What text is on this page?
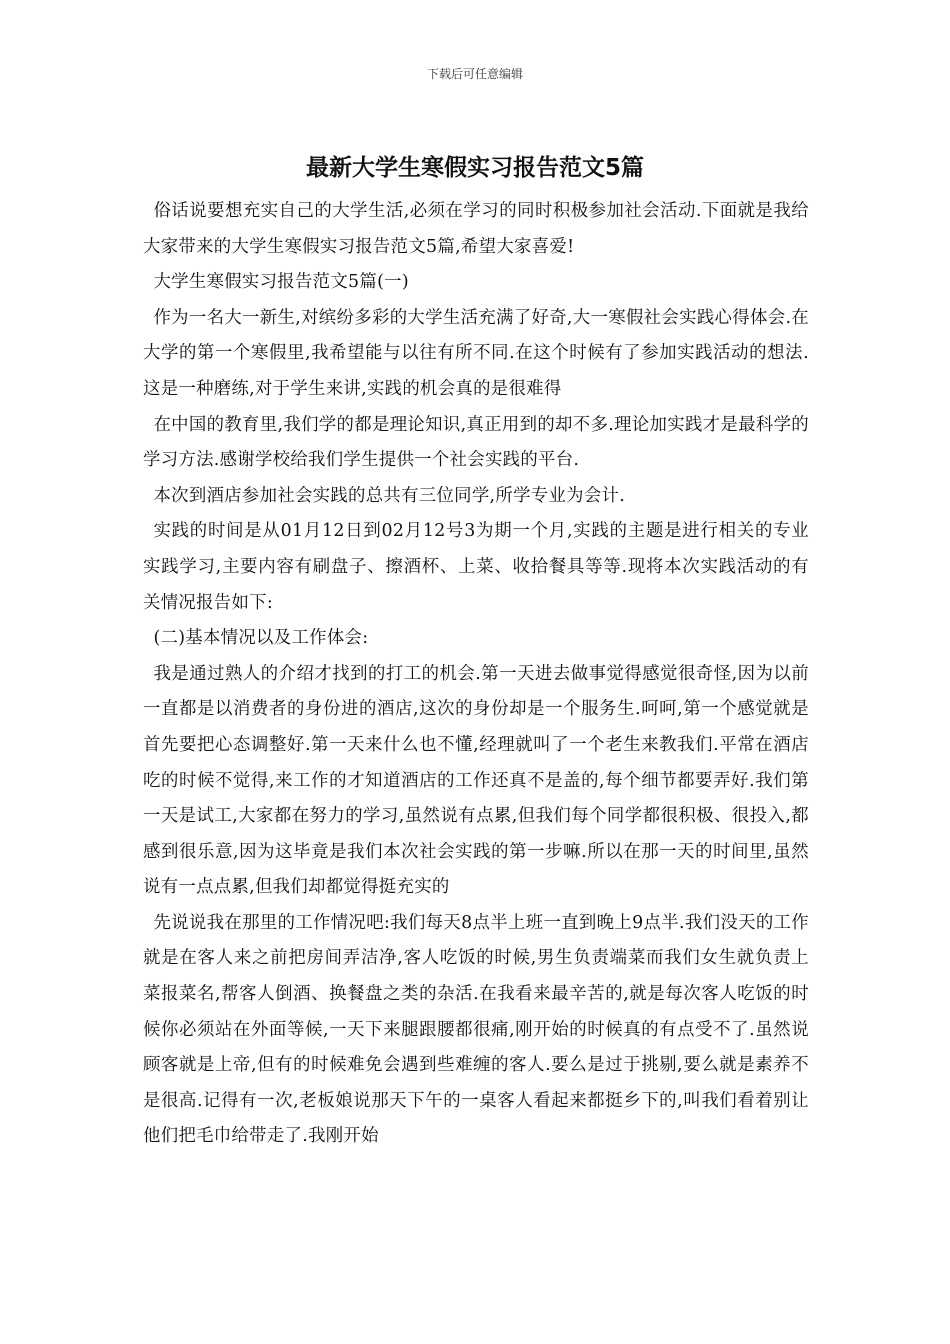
下载后可任意编辑
最新大学生寒假实习报告范文5篇

俗话说要想充实自己的大学生活,必须在学习的同时积极参加社会活动.下面就是我给大家带来的大学生寒假实习报告范文5篇,希望大家喜爱!

大学生寒假实习报告范文5篇(一)

作为一名大一新生,对缤纷多彩的大学生活充满了好奇,大一寒假社会实践心得体会.在大学的第一个寒假里,我希望能与以往有所不同.在这个时候有了参加实践活动的想法.这是一种磨练,对于学生来讲,实践的机会真的是很难得

在中国的教育里,我们学的都是理论知识,真正用到的却不多.理论加实践才是最科学的学习方法.感谢学校给我们学生提供一个社会实践的平台.

本次到酒店参加社会实践的总共有三位同学,所学专业为会计.

实践的时间是从01月12日到02月12号3为期一个月,实践的主题是进行相关的专业实践学习,主要内容有刷盘子、擦酒杯、上菜、收拾餐具等等.现将本次实践活动的有关情况报告如下:

(二)基本情况以及工作体会:

我是通过熟人的介绍才找到的打工的机会.第一天进去做事觉得感觉很奇怪,因为以前一直都是以消费者的身份进的酒店,这次的身份却是一个服务生.呵呵,第一个感觉就是首先要把心态调整好.第一天来什么也不懂,经理就叫了一个老生来教我们.平常在酒店吃的时候不觉得,来工作的才知道酒店的工作还真不是盖的,每个细节都要弄好.我们第一天是试工,大家都在努力的学习,虽然说有点累,但我们每个同学都很积极、很投入,都感到很乐意,因为这毕竟是我们本次社会实践的第一步嘛.所以在那一天的时间里,虽然说有一点点累,但我们却都觉得挺充实的

先说说我在那里的工作情况吧:我们每天8点半上班一直到晚上9点半.我们没天的工作就是在客人来之前把房间弄洁净,客人吃饭的时候,男生负责端菜而我们女生就负责上菜报菜名,帮客人倒酒、换餐盘之类的杂活.在我看来最辛苦的,就是每次客人吃饭的时候你必须站在外面等候,一天下来腿跟腰都很痛,刚开始的时候真的有点受不了.虽然说顾客就是上帝,但有的时候难免会遇到些难缠的客人.要么是过于挑剔,要么就是素养不是很高.记得有一次,老板娘说那天下午的一桌客人看起来都挺乡下的,叫我们看着别让他们把毛巾给带走了.我刚开始
